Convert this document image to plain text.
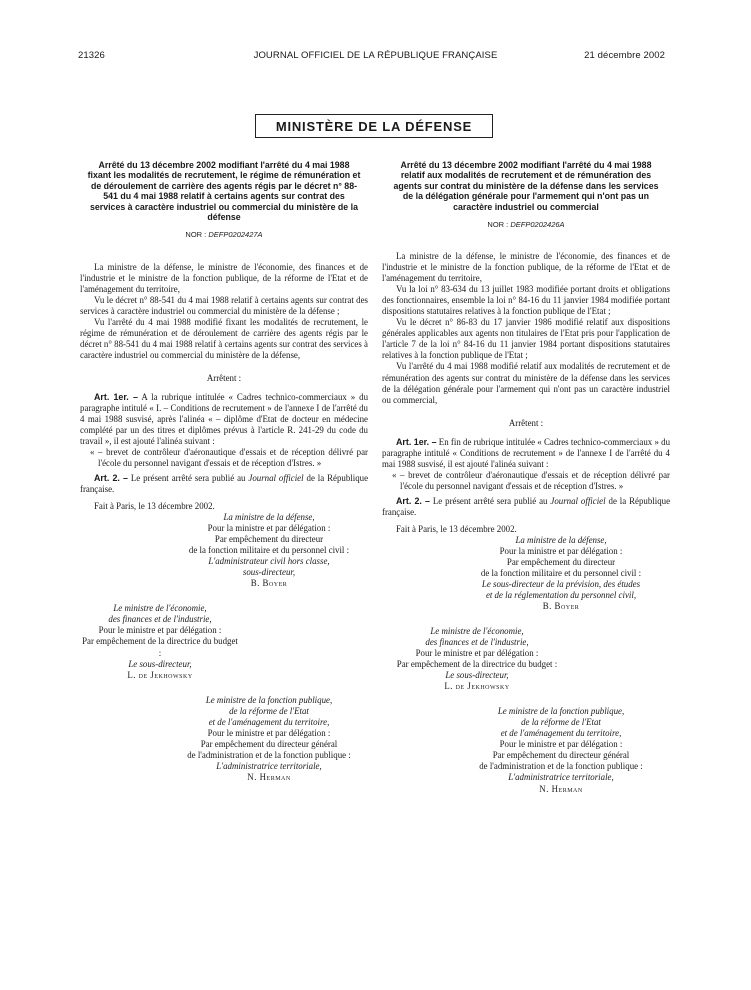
21326	JOURNAL OFFICIEL DE LA RÉPUBLIQUE FRANÇAISE	21 décembre 2002
MINISTÈRE DE LA DÉFENSE

Arrêté du 13 décembre 2002 modifiant l'arrêté du 4 mai 1988 fixant les modalités de recrutement, le régime de rémunération et de déroulement de carrière des agents régis par le décret n° 88-541 du 4 mai 1988 relatif à certains agents sur contrat des services à caractère industriel ou commercial du ministère de la défense

NOR : DEFP0202427A

La ministre de la défense, le ministre de l'économie, des finances et de l'industrie et le ministre de la fonction publique, de la réforme de l'Etat et de l'aménagement du territoire,

Vu le décret n° 88-541 du 4 mai 1988 relatif à certains agents sur contrat des services à caractère industriel ou commercial du ministère de la défense ;

Vu l'arrêté du 4 mai 1988 modifié fixant les modalités de recrutement, le régime de rémunération et de déroulement de carrière des agents régis par le décret n° 88-541 du 4 mai 1988 relatif à certains agents sur contrat des services à caractère industriel ou commercial du ministère de la défense,

Arrêtent :

Art. 1er. – A la rubrique intitulée « Cadres technico-commerciaux » du paragraphe intitulé « I. – Conditions de recrutement » de l'annexe I de l'arrêté du 4 mai 1988 susvisé, après l'alinéa « – diplôme d'Etat de docteur en médecine complété par un des titres et diplômes prévus à l'article R. 241-29 du code du travail », il est ajouté l'alinéa suivant :

« – brevet de contrôleur d'aéronautique d'essais et de réception délivré par l'école du personnel navigant d'essais et de réception d'Istres. »

Art. 2. – Le présent arrêté sera publié au Journal officiel de la République française.

Fait à Paris, le 13 décembre 2002.

La ministre de la défense,
Pour la ministre et par délégation :
Par empêchement du directeur
de la fonction militaire et du personnel civil :
L'administrateur civil hors classe,
sous-directeur,
B. Boyer
Le ministre de l'économie,
des finances et de l'industrie,
Pour le ministre et par délégation :
Par empêchement de la directrice du budget :
Le sous-directeur,
L. de Jekhowsky
Le ministre de la fonction publique,
de la réforme de l'Etat
et de l'aménagement du territoire,
Pour le ministre et par délégation :
Par empêchement du directeur général
de l'administration et de la fonction publique :
L'administratrice territoriale,
N. Herman

Arrêté du 13 décembre 2002 modifiant l'arrêté du 4 mai 1988 relatif aux modalités de recrutement et de rémunération des agents sur contrat du ministère de la défense dans les services de la délégation générale pour l'armement qui n'ont pas un caractère industriel ou commercial

NOR : DEFP0202426A

La ministre de la défense, le ministre de l'économie, des finances et de l'industrie et le ministre de la fonction publique, de la réforme de l'Etat et de l'aménagement du territoire,

Vu la loi n° 83-634 du 13 juillet 1983 modifiée portant droits et obligations des fonctionnaires, ensemble la loi n° 84-16 du 11 janvier 1984 modifiée portant dispositions statutaires relatives à la fonction publique de l'Etat ;

Vu le décret n° 86-83 du 17 janvier 1986 modifié relatif aux dispositions générales applicables aux agents non titulaires de l'Etat pris pour l'application de l'article 7 de la loi n° 84-16 du 11 janvier 1984 portant dispositions statutaires relatives à la fonction publique de l'Etat ;

Vu l'arrêté du 4 mai 1988 modifié relatif aux modalités de recrutement et de rémunération des agents sur contrat du ministère de la défense dans les services de la délégation générale pour l'armement qui n'ont pas un caractère industriel ou commercial,

Arrêtent :

Art. 1er. – En fin de rubrique intitulée « Cadres technico-commerciaux » du paragraphe intitulé « Conditions de recrutement » de l'annexe I de l'arrêté du 4 mai 1988 susvisé, il est ajouté l'alinéa suivant :

« – brevet de contrôleur d'aéronautique d'essais et de réception délivré par l'école du personnel navigant d'essais et de réception d'Istres. »

Art. 2. – Le présent arrêté sera publié au Journal officiel de la République française.

Fait à Paris, le 13 décembre 2002.

La ministre de la défense,
Pour la ministre et par délégation :
Par empêchement du directeur
de la fonction militaire et du personnel civil :
Le sous-directeur de la prévision, des études
et de la réglementation du personnel civil,
B. Boyer
Le ministre de l'économie,
des finances et de l'industrie,
Pour le ministre et par délégation :
Par empêchement de la directrice du budget :
Le sous-directeur,
L. de Jekhowsky
Le ministre de la fonction publique,
de la réforme de l'Etat
et de l'aménagement du territoire,
Pour le ministre et par délégation :
Par empêchement du directeur général
de l'administration et de la fonction publique :
L'administratrice territoriale,
N. Herman
